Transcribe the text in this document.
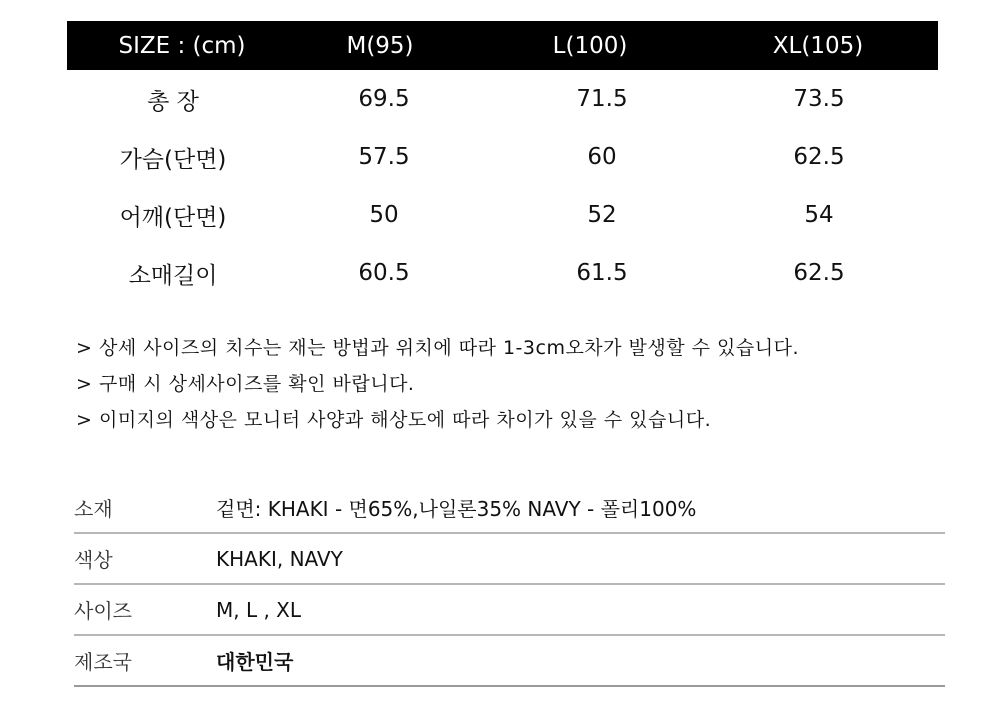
SIZE : (cm)	M(95)	L(100)	XL(105)
총 장	69.5	71.5	73.5
가슴(단면)	57.5	60	62.5
어깨(단면)	50	52	54
소매길이	60.5	61.5	62.5
> 상세 사이즈의 치수는 재는 방법과 위치에 따라 1-3cm오차가 발생할 수 있습니다.
> 구매 시 상세사이즈를 확인 바랍니다.
> 이미지의 색상은 모니터 사양과 해상도에 따라 차이가 있을 수 있습니다.
소재	겉면: KHAKI - 면65%,나일론35% NAVY - 폴리100%
색상	KHAKI, NAVY
사이즈	M, L , XL
제조국	대한민국
